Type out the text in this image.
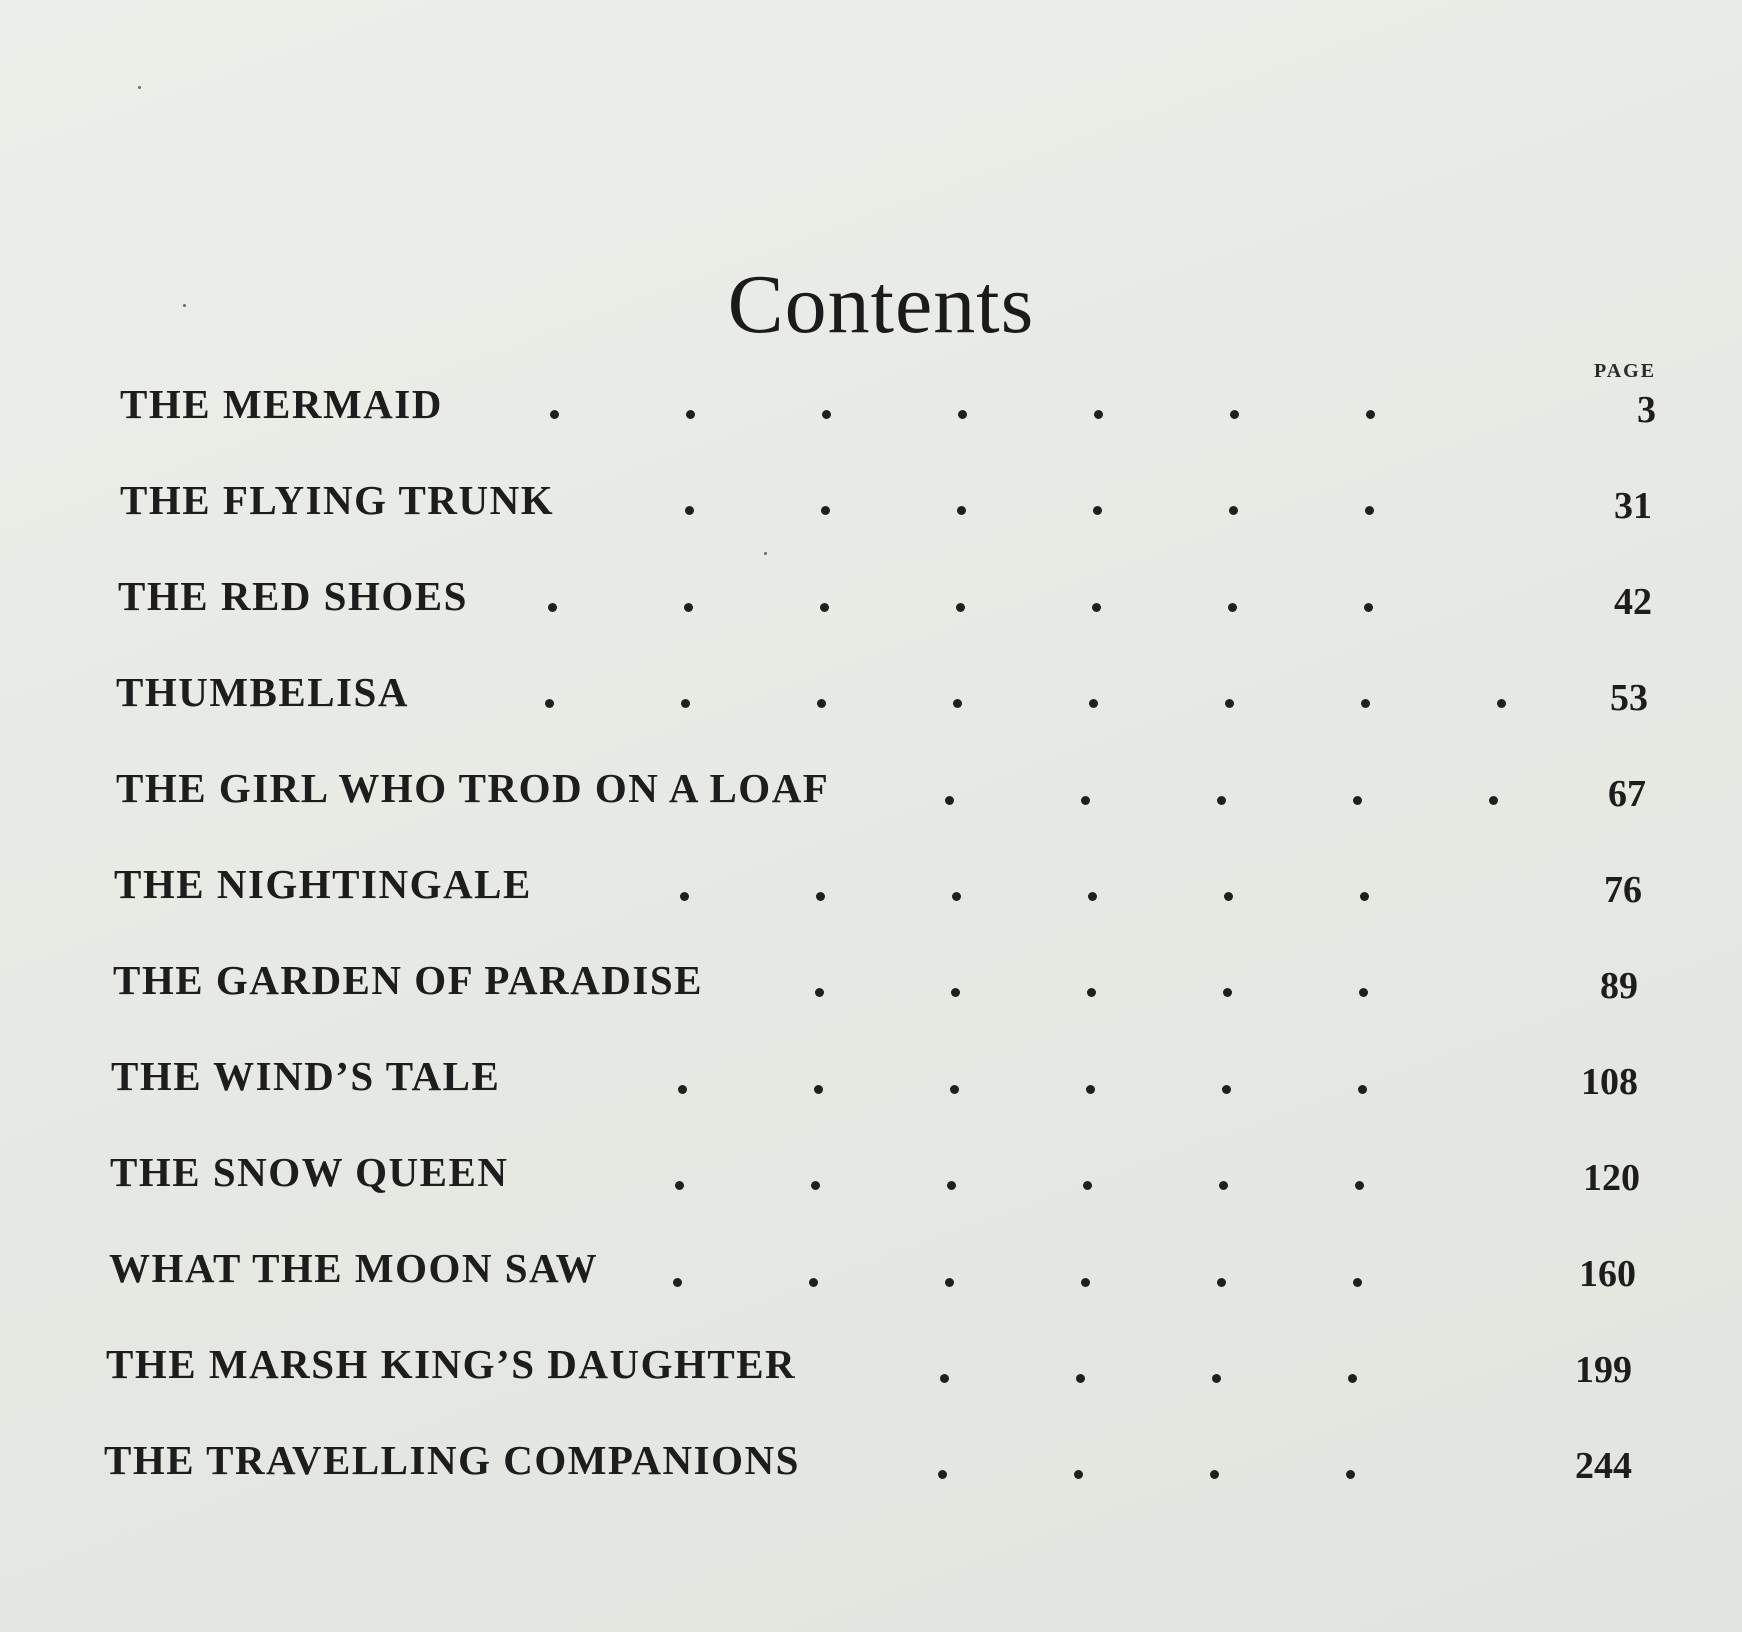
Contents
PAGE
THE MERMAID	3
THE FLYING TRUNK	31
THE RED SHOES	42
THUMBELISA	53
THE GIRL WHO TROD ON A LOAF	67
THE NIGHTINGALE	76
THE GARDEN OF PARADISE	89
THE WIND’S TALE	108
THE SNOW QUEEN	120
WHAT THE MOON SAW	160
THE MARSH KING’S DAUGHTER	199
THE TRAVELLING COMPANIONS	244
